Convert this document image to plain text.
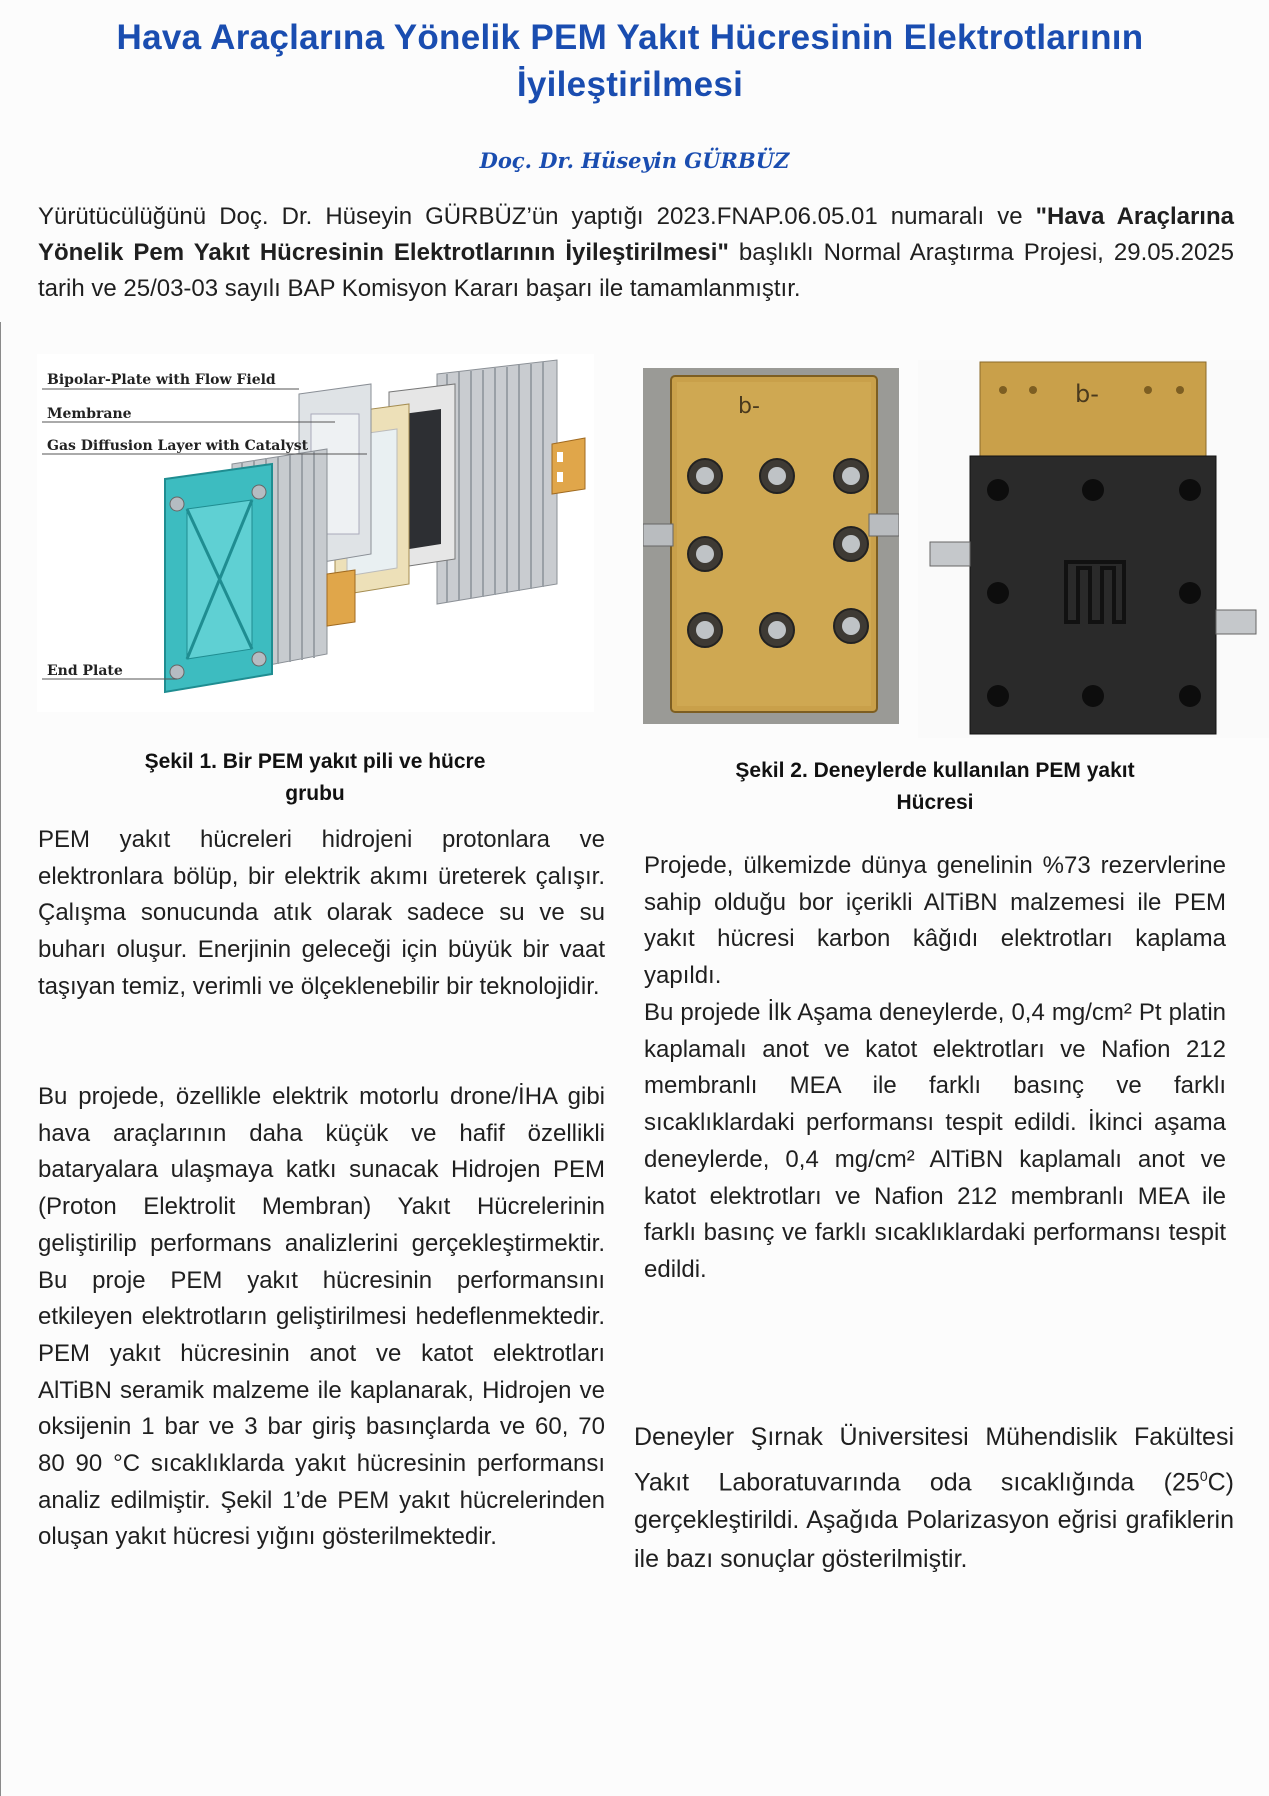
Hava Araçlarına Yönelik PEM Yakıt Hücresinin Elektrotlarının İyileştirilmesi
Doç. Dr. Hüseyin GÜRBÜZ
Yürütücülüğünü Doç. Dr. Hüseyin GÜRBÜZ’ün yaptığı 2023.FNAP.06.05.01 numaralı ve "Hava Araçlarına Yönelik Pem Yakıt Hücresinin Elektrotlarının İyileştirilmesi" başlıklı Normal Araştırma Projesi, 29.05.2025 tarih ve 25/03-03 sayılı BAP Komisyon Kararı başarı ile tamamlanmıştır.
Bipolar-Plate with Flow Field
Membrane
Gas Diffusion Layer with Catalyst
End Plate
Şekil 1. Bir PEM yakıt pili ve hücre
grubu
b-	b-
Şekil 2. Deneylerde kullanılan PEM yakıt
Hücresi
PEM yakıt hücreleri hidrojeni protonlara ve elektronlara bölüp, bir elektrik akımı üreterek çalışır. Çalışma sonucunda atık olarak sadece su ve su buharı oluşur. Enerjinin geleceği için büyük bir vaat taşıyan temiz, verimli ve ölçeklenebilir bir teknolojidir.
Bu projede, özellikle elektrik motorlu drone/İHA gibi hava araçlarının daha küçük ve hafif özellikli bataryalara ulaşmaya katkı sunacak Hidrojen PEM (Proton Elektrolit Membran) Yakıt Hücrelerinin geliştirilip performans analizlerini gerçekleştirmektir. Bu proje PEM yakıt hücresinin performansını etkileyen elektrotların geliştirilmesi hedeflenmektedir. PEM yakıt hücresinin anot ve katot elektrotları AlTiBN seramik malzeme ile kaplanarak, Hidrojen ve oksijenin 1 bar ve 3 bar giriş basınçlarda ve 60, 70 80 90 °C sıcaklıklarda yakıt hücresinin performansı analiz edilmiştir. Şekil 1’de PEM yakıt hücrelerinden oluşan yakıt hücresi yığını gösterilmektedir.
Projede, ülkemizde dünya genelinin %73 rezervlerine sahip olduğu bor içerikli AlTiBN malzemesi ile PEM yakıt hücresi karbon kâğıdı elektrotları kaplama yapıldı.
Bu projede İlk Aşama deneylerde, 0,4 mg/cm² Pt platin kaplamalı anot ve katot elektrotları ve Nafion 212 membranlı MEA ile farklı basınç ve farklı sıcaklıklardaki performansı tespit edildi. İkinci aşama deneylerde, 0,4 mg/cm² AlTiBN kaplamalı anot ve katot elektrotları ve Nafion 212 membranlı MEA ile farklı basınç ve farklı sıcaklıklardaki performansı tespit edildi.
Deneyler Şırnak Üniversitesi Mühendislik Fakültesi Yakıt Laboratuvarında oda sıcaklığında $(25^0C)$ gerçekleştirildi. Aşağıda Polarizasyon eğrisi grafiklerin ile bazı sonuçlar gösterilmiştir.
